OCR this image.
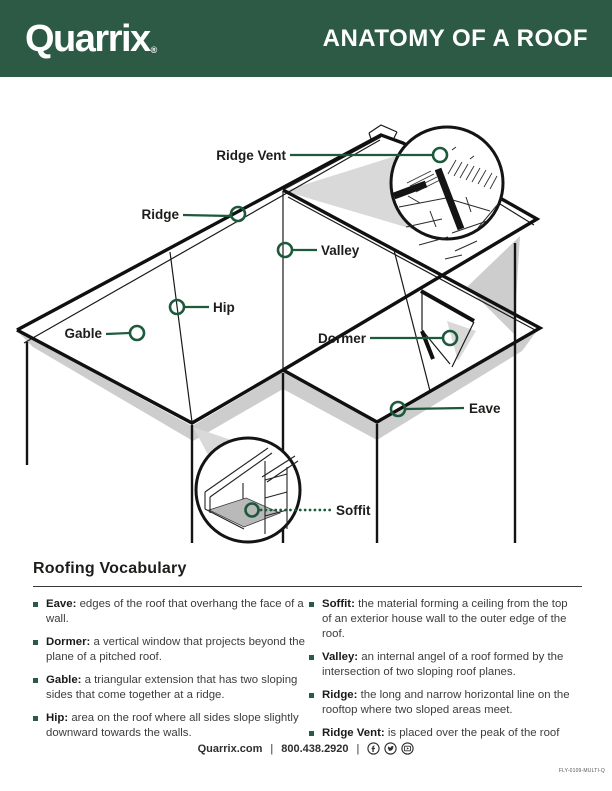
Quarrix®	ANATOMY OF A ROOF
Ridge Vent
Ridge
Valley
Hip
Gable	Dormer
Eave
Soffit
Roofing Vocabulary
Eave: edges of the roof that overhang the face of a wall.
Dormer: a vertical window that projects beyond the plane of a pitched roof.
Gable: a triangular extension that has two sloping sides that come together at a ridge.
Hip: area on the roof where all sides slope slightly downward towards the walls.
Soffit: the material forming a ceiling from the top of an exterior house wall to the outer edge of the roof.
Valley: an internal angel of a roof formed by the intersection of two sloping roof planes.
Ridge: the long and narrow horizontal line on the rooftop where two sloped areas meet.
Ridge Vent: is placed over the peak of the roof
Quarrix.com | 800.438.2920 |
FLY-0109-MULTI-Q
